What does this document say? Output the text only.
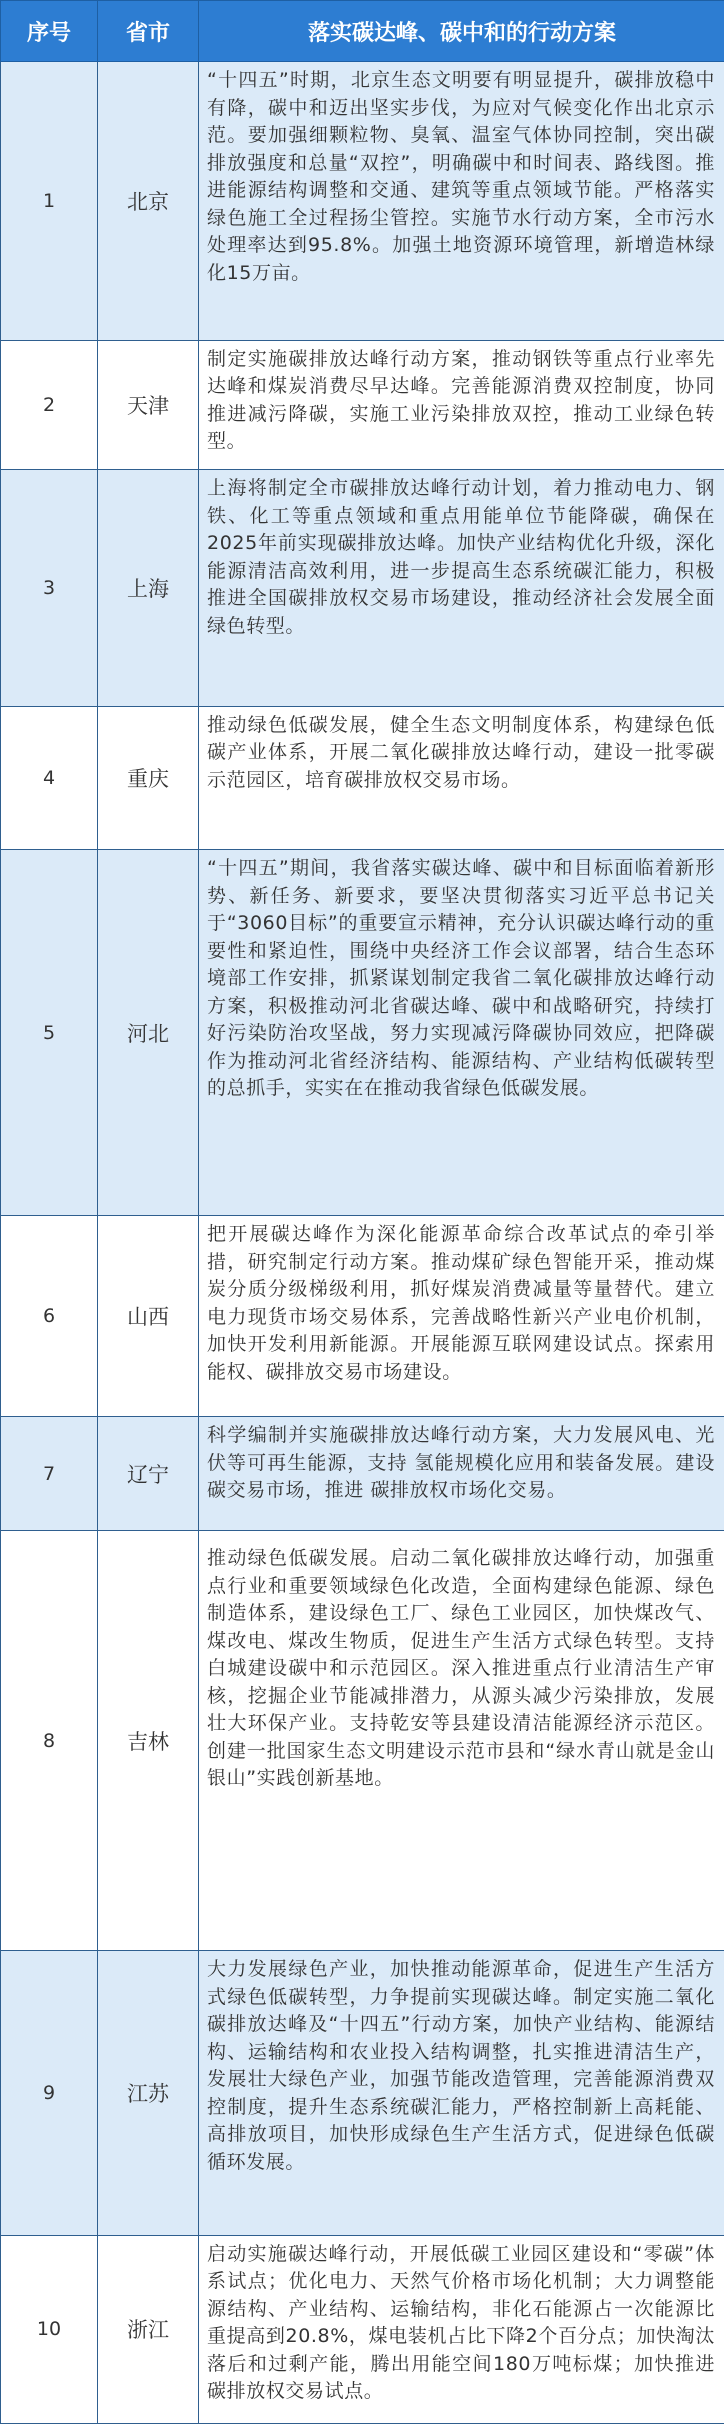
序号	省市	落实碳达峰、碳中和的行动方案
1	北京	“十四五”时期，北京生态文明要有明显提升，碳排放稳中有降，碳中和迈出坚实步伐，为应对气候变化作出北京示范。要加强细颗粒物、臭氧、温室气体协同控制，突出碳排放强度和总量“双控”，明确碳中和时间表、路线图。推进能源结构调整和交通、建筑等重点领域节能。严格落实绿色施工全过程扬尘管控。实施节水行动方案，全市污水处理率达到95.8%。加强土地资源环境管理，新增造林绿化15万亩。

2	天津	制定实施碳排放达峰行动方案，推动钢铁等重点行业率先达峰和煤炭消费尽早达峰。完善能源消费双控制度，协同推进减污降碳，实施工业污染排放双控，推动工业绿色转型。

3	上海	上海将制定全市碳排放达峰行动计划，着力推动电力、钢铁、化工等重点领域和重点用能单位节能降碳，确保在2025年前实现碳排放达峰。加快产业结构优化升级，深化能源清洁高效利用，进一步提高生态系统碳汇能力，积极推进全国碳排放权交易市场建设，推动经济社会发展全面绿色转型。

4	重庆	推动绿色低碳发展，健全生态文明制度体系，构建绿色低碳产业体系，开展二氧化碳排放达峰行动，建设一批零碳示范园区，培育碳排放权交易市场。

5	河北	“十四五”期间，我省落实碳达峰、碳中和目标面临着新形势、新任务、新要求，要坚决贯彻落实习近平总书记关于“3060目标”的重要宣示精神，充分认识碳达峰行动的重要性和紧迫性，围绕中央经济工作会议部署，结合生态环境部工作安排，抓紧谋划制定我省二氧化碳排放达峰行动方案，积极推动河北省碳达峰、碳中和战略研究，持续打好污染防治攻坚战，努力实现减污降碳协同效应，把降碳作为推动河北省经济结构、能源结构、产业结构低碳转型的总抓手，实实在在推动我省绿色低碳发展。

6	山西	把开展碳达峰作为深化能源革命综合改革试点的牵引举措，研究制定行动方案。推动煤矿绿色智能开采，推动煤炭分质分级梯级利用，抓好煤炭消费减量等量替代。建立电力现货市场交易体系，完善战略性新兴产业电价机制，加快开发利用新能源。开展能源互联网建设试点。探索用能权、碳排放交易市场建设。

7	辽宁	科学编制并实施碳排放达峰行动方案，大力发展风电、光伏等可再生能源，支持 氢能规模化应用和装备发展。建设碳交易市场，推进 碳排放权市场化交易。

8	吉林	推动绿色低碳发展。启动二氧化碳排放达峰行动，加强重点行业和重要领域绿色化改造，全面构建绿色能源、绿色制造体系，建设绿色工厂、绿色工业园区，加快煤改气、煤改电、煤改生物质，促进生产生活方式绿色转型。支持白城建设碳中和示范园区。深入推进重点行业清洁生产审核，挖掘企业节能减排潜力，从源头减少污染排放，发展壮大环保产业。支持乾安等县建设清洁能源经济示范区。创建一批国家生态文明建设示范市县和“绿水青山就是金山银山”实践创新基地。

9	江苏	大力发展绿色产业，加快推动能源革命，促进生产生活方式绿色低碳转型，力争提前实现碳达峰。制定实施二氧化碳排放达峰及“十四五”行动方案，加快产业结构、能源结构、运输结构和农业投入结构调整，扎实推进清洁生产，发展壮大绿色产业，加强节能改造管理，完善能源消费双控制度，提升生态系统碳汇能力，严格控制新上高耗能、高排放项目，加快形成绿色生产生活方式，促进绿色低碳循环发展。

10	浙江	启动实施碳达峰行动，开展低碳工业园区建设和“零碳”体系试点；优化电力、天然气价格市场化机制；大力调整能源结构、产业结构、运输结构，非化石能源占一次能源比重提高到20.8%，煤电装机占比下降2个百分点；加快淘汰落后和过剩产能，腾出用能空间180万吨标煤；加快推进碳排放权交易试点。
